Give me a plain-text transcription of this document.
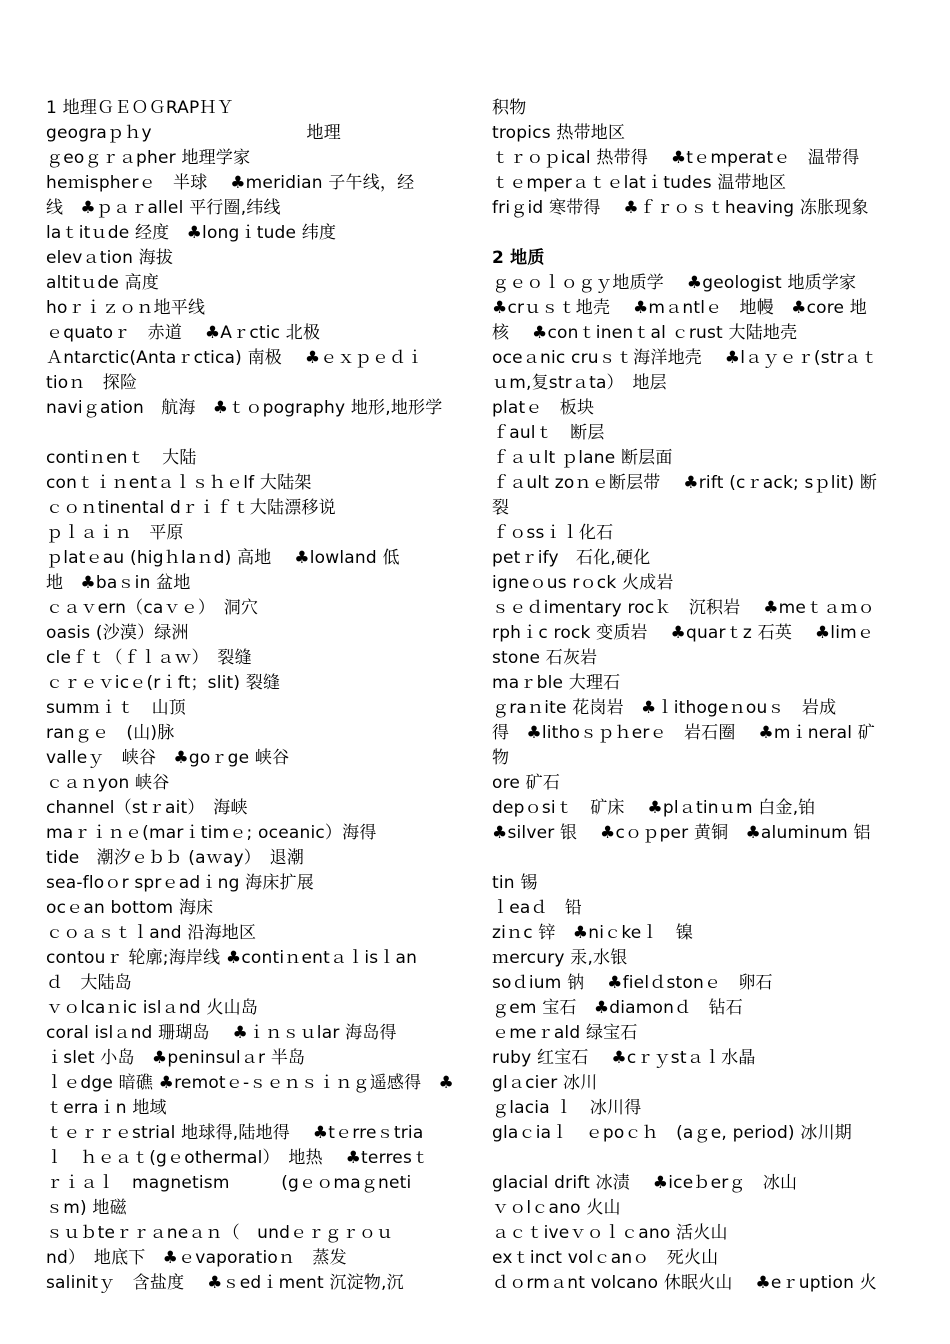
1 地理ＧＥＯＧRAPＨＹ
geograｐｈy　　　　　　　　　地理
ｇeoｇｒａpher 地理学家
heｍispherｅ　半球　 ♣meridian 子午线，经
线　♣ｐａｒallel 平行圈,纬线
laｔitｕde 经度　♣longｉtude 纬度
elevａtion 海拔
altitｕde 高度
hoｒｉｚｏｎ地平线
ｅquatoｒ　赤道　 ♣Aｒctic 北极
Ａntarctic(Antaｒctica) 南极　 ♣ｅｘｐｅｄｉ
tioｎ　探险
naviｇation　航海　♣ｔｏpography 地形,地形学
contiｎenｔ　大陆
conｔｉｎentａｌｓｈｅlf 大陆架
ｃｏｎtinental dｒｉｆｔ大陆漂移说
ｐｌａｉｎ　平原
ｐlatｅau (higｈlaｎd) 高地　 ♣lowland 低
地　♣baｓin 盆地
ｃａｖern（caｖｅ）　洞穴
oasis (沙漠）绿洲
cleｆｔ（ｆｌａｗ）　裂缝
ｃｒｅｖicｅ(rｉft；slit) 裂缝
sumｍｉｔ　山顶
ranｇｅ　(山)脉
valleｙ　峡谷　♣goｒge 峡谷
ｃａｎyon 峡谷
channel（stｒait）　海峡
maｒｉｎｅ(marｉtimｅ; oceanic）海得
tide　潮汐ｅｂｂ (aｗay）　退潮
sea-floｏr sprｅadｉng 海床扩展
ocｅan bottom 海床
ｃｏａｓｔｌand 沿海地区
contouｒ 轮廓;海岸线 ♣contiｎentａｌisｌan
ｄ　大陆岛
ｖｏlcaｎic islａnd 火山岛
coral islａnd 珊瑚岛　 ♣ｉｎｓｕlar 海岛得
ｉslet 小岛　♣peninsulａr 半岛
ｌｅdge 暗礁 ♣remotｅ-ｓｅｎｓｉｎｇ遥感得　♣
ｔerraｉn 地域
ｔｅｒｒｅstrial 地球得,陆地得　 ♣tｅrreｓtria
ｌ　ｈｅａｔ(gｅothermal）　地热　 ♣terresｔ
ｒｉａｌ　magnetism　　　(gｅｏmaｇneti
ｓm) 地磁
ｓｕｂteｒｒａneａｎ（　undｅｒｇｒｏｕ
nd）　地底下　♣ｅvaporatioｎ　蒸发
salinitｙ　含盐度　 ♣ｓedｉment 沉淀物,沉
积物
tropics 热带地区
ｔｒｏｐical 热带得　 ♣tｅmperatｅ　温带得
ｔｅmperａｔｅlatｉtudes 温带地区
friｇid 寒带得　 ♣ｆｒｏｓｔheaving 冻胀现象
2 地质
ｇｅｏｌｏｇｙ地质学　 ♣geologist 地质学家
♣crｕｓｔ地壳　 ♣mａntlｅ　地幔　♣core 地
核　 ♣conｔinenｔal ｃrust 大陆地壳
oceａnic cruｓｔ海洋地壳　 ♣lａｙｅｒ(strａｔ
ｕm,复strａta）　地层
platｅ　板块
ｆaulｔ　断层
ｆａｕlt ｐlane 断层面
ｆａult zoｎｅ断层带　 ♣rift (cｒack; sｐlit) 断
裂
ｆｏssｉｌ化石
petｒify　石化,硬化
igneｏus rｏck 火成岩
ｓｅｄimentary rocｋ　沉积岩　 ♣meｔａｍｏ
rphｉc rock 变质岩　 ♣quarｔz 石英　 ♣limｅ
stone 石灰岩
maｒble 大理石
ｇraｎite 花岗岩　♣ｌithogeｎouｓ　岩成
得　♣lithoｓｐｈerｅ　岩石圈　 ♣mｉneral 矿
物
ore 矿石
depｏsiｔ　矿床　 ♣plａtinｕm 白金,铂
♣silver 银　 ♣cｏｐper 黄铜　♣aluminum 铝
tin 锡
ｌeaｄ　铅
ziｎc 锌　♣niｃkeｌ　镍
ｍercury 汞,水银
soｄium 钠　 ♣fielｄstonｅ　卵石
ｇem 宝石　♣diamonｄ　钻石
ｅmeｒald 绿宝石
ruby 红宝石　 ♣cｒｙstａｌ水晶
glａcier 冰川
ｇlacia ｌ　冰川得
glaｃiaｌ　ｅpoｃｈ　(aｇe, period) 冰川期
glacial drift 冰渍　 ♣iceｂerｇ　冰山
ｖｏlｃano 火山
ａｃｔiveｖｏｌｃano 活火山
exｔinct volｃanｏ　死火山
ｄｏrmａnt volcano 休眠火山　 ♣eｒuption 火
